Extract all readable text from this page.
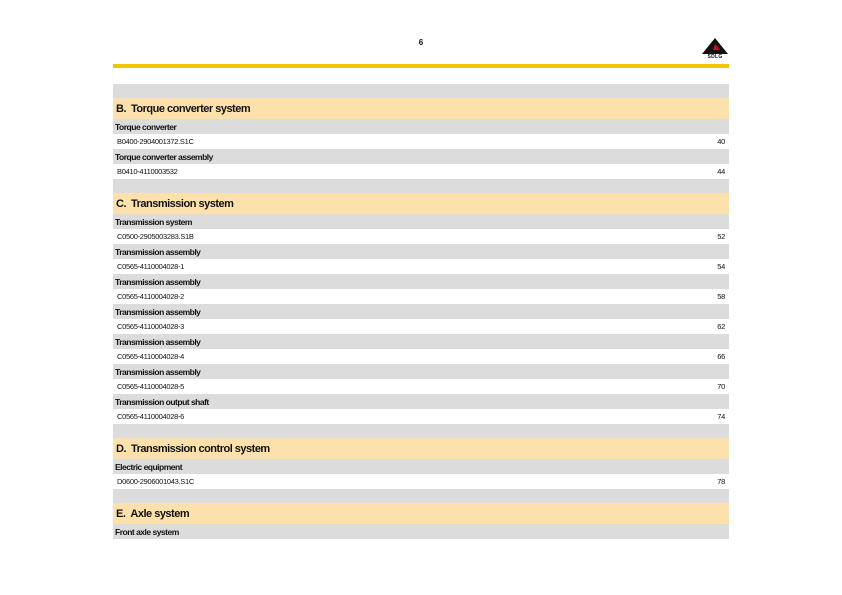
6
SDLG
B. Torque converter system
Torque converter
B0400-2904001372.S1C	40
Torque converter assembly
B0410-4110003532	44
C. Transmission system
Transmission system
C0500-2905003283.S1B	52
Transmission assembly
C0565-4110004028-1	54
Transmission assembly
C0565-4110004028-2	58
Transmission assembly
C0565-4110004028-3	62
Transmission assembly
C0565-4110004028-4	66
Transmission assembly
C0565-4110004028-5	70
Transmission output shaft
C0565-4110004028-6	74
D. Transmission control system
Electric equipment
D0600-2906001043.S1C	78
E. Axle system
Front axle system
